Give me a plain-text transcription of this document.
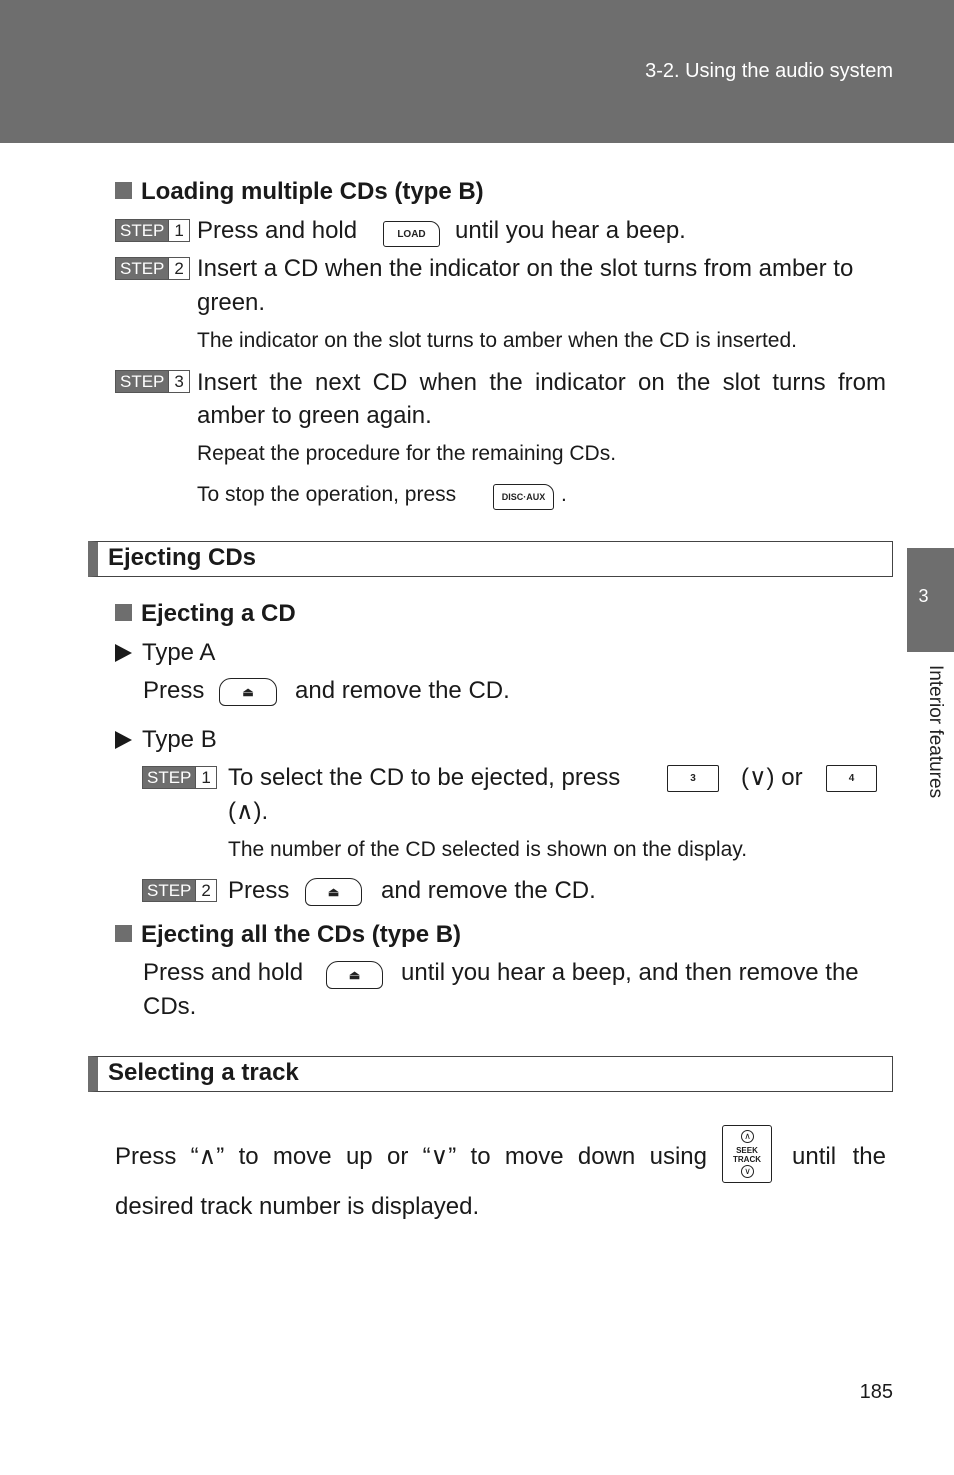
3-2. Using the audio system
3
Interior features
Loading multiple CDs (type B)
STEP 1 Press and hold	LOAD	until you hear a beep.
STEP 2 Insert a CD when the indicator on the slot turns from amber to
green.
The indicator on the slot turns to amber when the CD is inserted.
STEP 3 Insert the next CD when the indicator on the slot turns from
amber to green again.
Repeat the procedure for the remaining CDs.
To stop the operation, press	DISC·AUX .
Ejecting CDs
Ejecting a CD
Type A
Press	⏏	and remove the CD.
Type B
STEP 1 To select the CD to be ejected, press	3	(∨) or	4
(∧).
The number of the CD selected is shown on the display.
STEP 2 Press	⏏	and remove the CD.
Ejecting all the CDs (type B)
Press and hold	⏏	until you hear a beep, and then remove the
CDs.
Selecting a track
Press “∧” to move up or “∨” to move down using
∧
SEEK
TRACK
∨
until the
desired track number is displayed.
185
